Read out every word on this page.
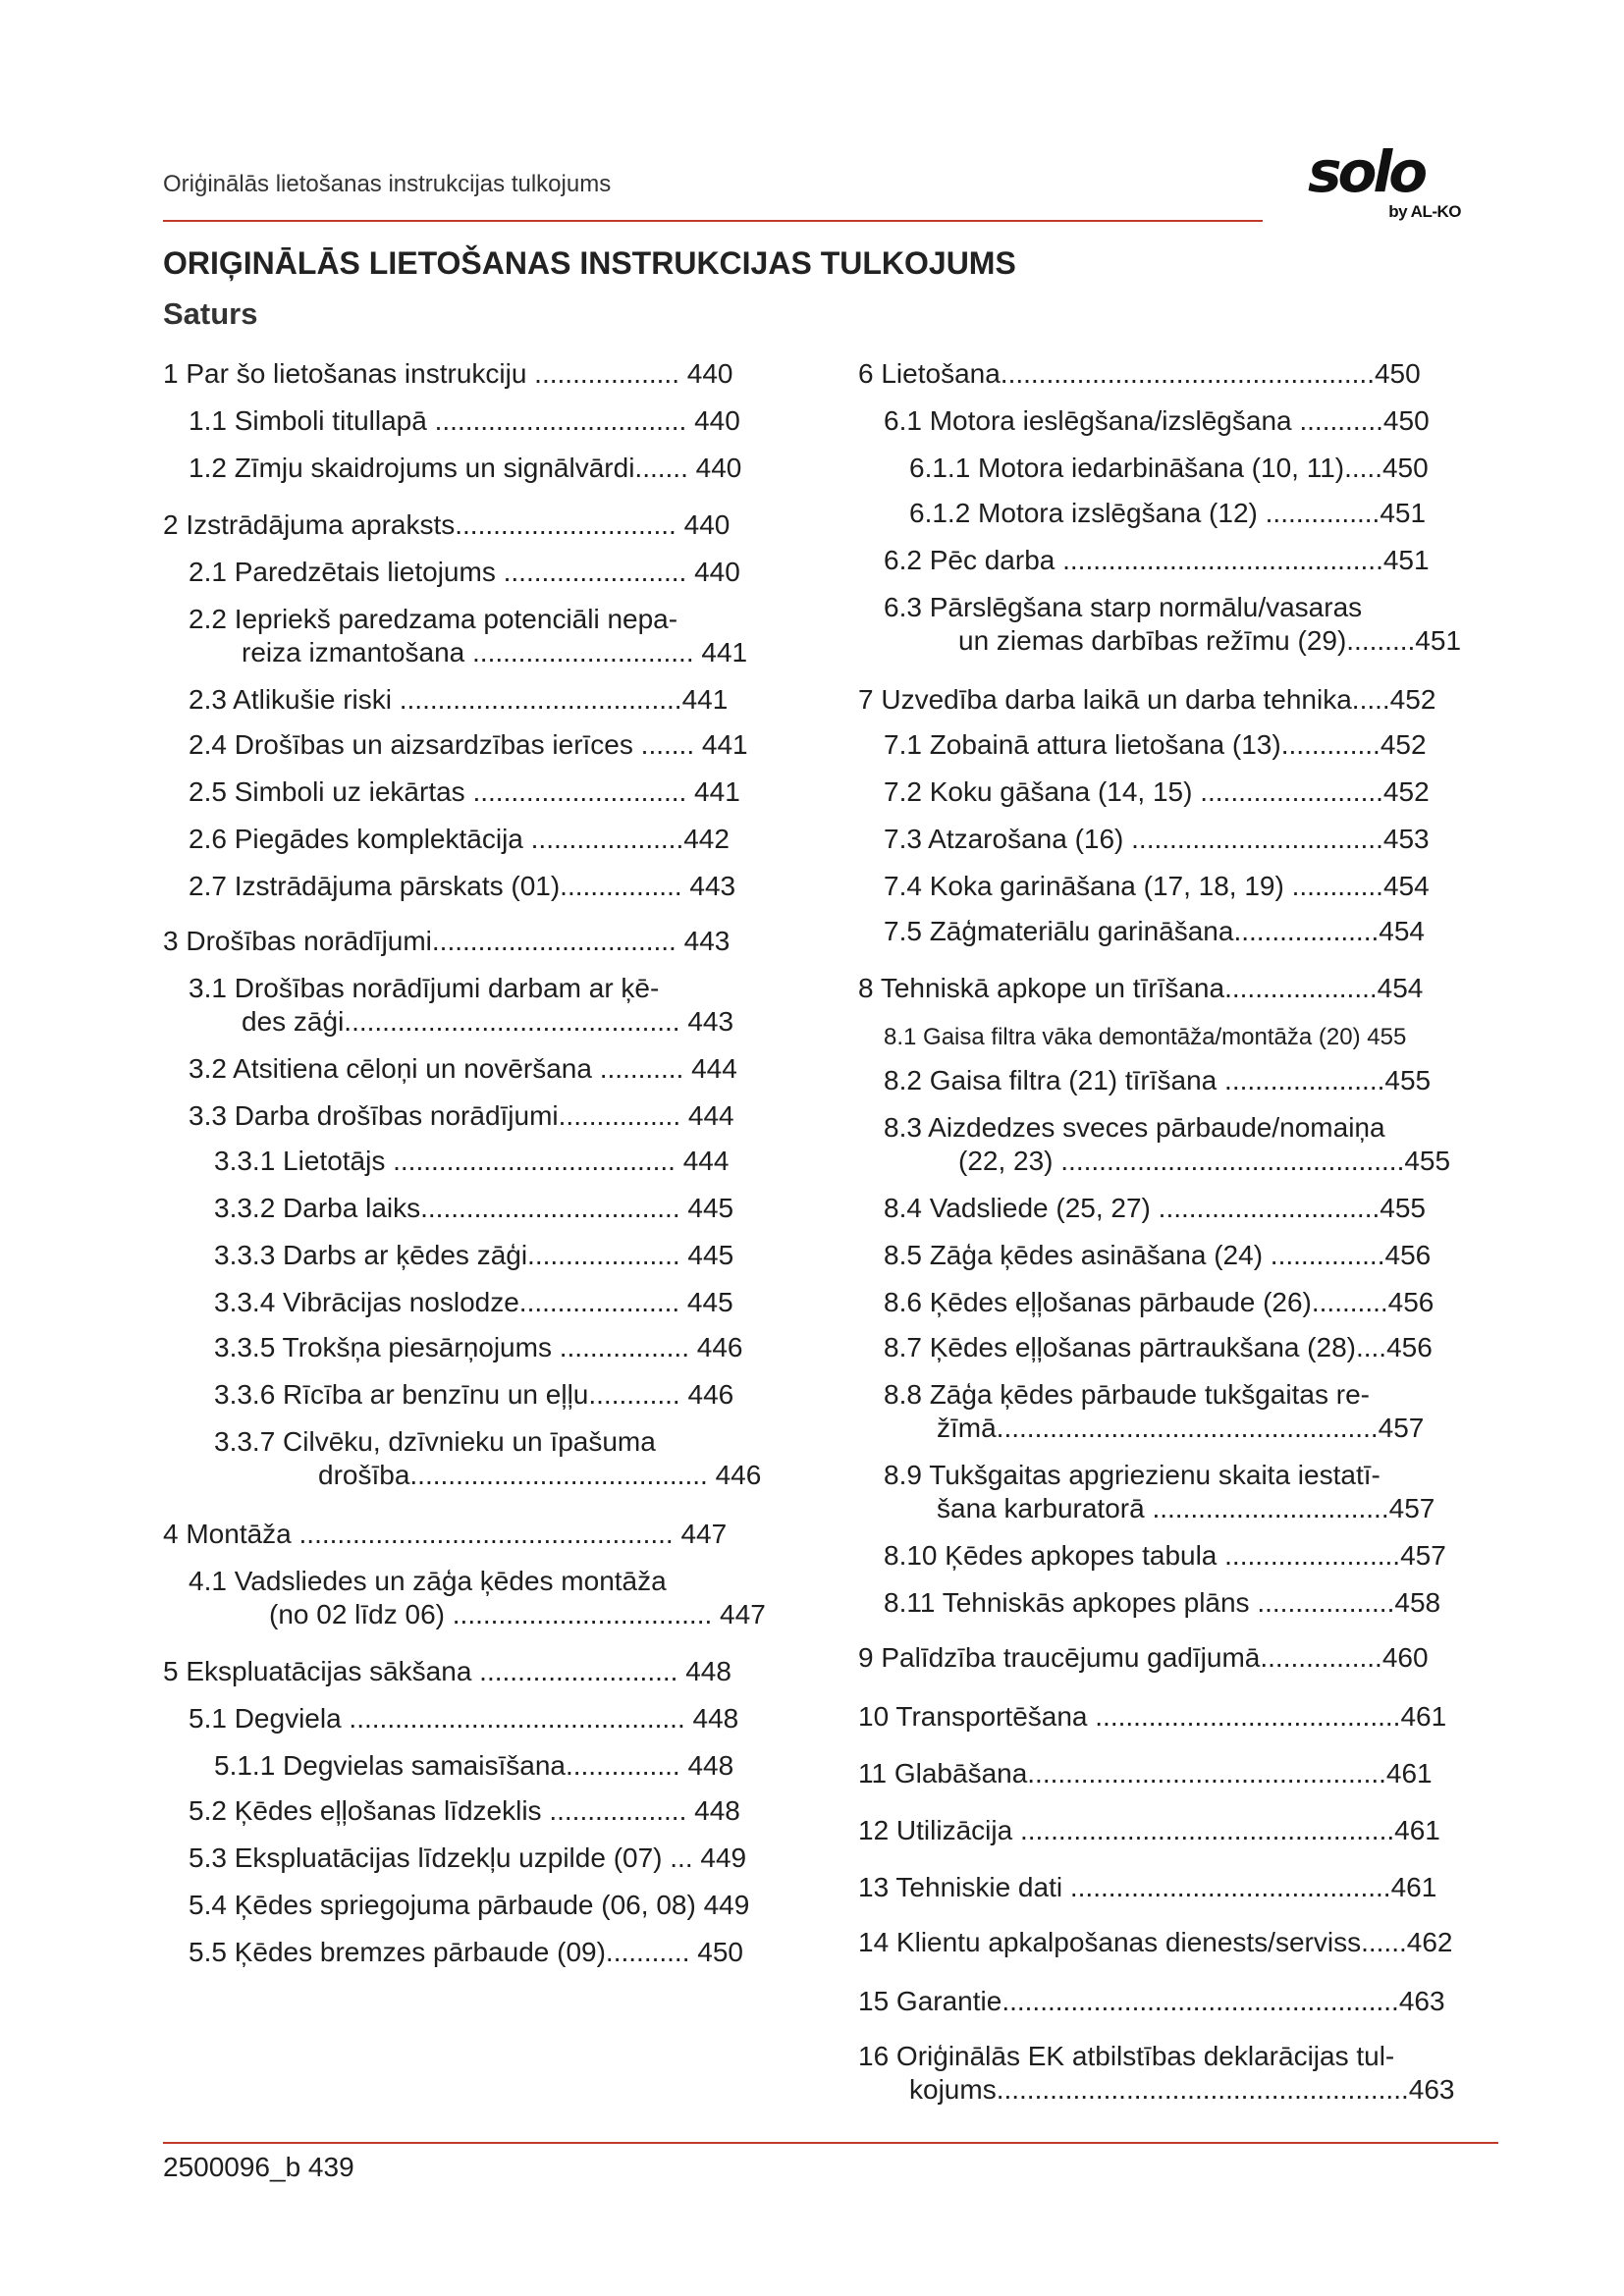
Oriģinālās lietošanas instrukcijas tulkojums	solo
by AL-KO
ORIĢINĀLĀS LIETOŠANAS INSTRUKCIJAS TULKOJUMS
Saturs
1 Par šo lietošanas instrukciju ................... 440
1.1 Simboli titullapā ................................. 440
1.2 Zīmju skaidrojums un signālvārdi....... 440
2 Izstrādājuma apraksts............................. 440
2.1 Paredzētais lietojums ........................ 440
2.2 Iepriekš paredzama potenciāli nepa-
reiza izmantošana ............................. 441
2.3 Atlikušie riski .....................................441
2.4 Drošības un aizsardzības ierīces ....... 441
2.5 Simboli uz iekārtas ............................ 441
2.6 Piegādes komplektācija ....................442
2.7 Izstrādājuma pārskats (01)................ 443
3 Drošības norādījumi................................ 443
3.1 Drošības norādījumi darbam ar ķē-
des zāģi............................................ 443
3.2 Atsitiena cēloņi un novēršana ........... 444
3.3 Darba drošības norādījumi................ 444
3.3.1 Lietotājs ..................................... 444
3.3.2 Darba laiks.................................. 445
3.3.3 Darbs ar ķēdes zāģi.................... 445
3.3.4 Vibrācijas noslodze..................... 445
3.3.5 Trokšņa piesārņojums ................. 446
3.3.6 Rīcība ar benzīnu un eļļu............ 446
3.3.7 Cilvēku, dzīvnieku un īpašuma
drošība....................................... 446
4 Montāža ................................................. 447
4.1 Vadsliedes un zāģa ķēdes montāža
(no 02 līdz 06) .................................. 447
5 Ekspluatācijas sākšana .......................... 448
5.1 Degviela ............................................ 448
5.1.1 Degvielas samaisīšana............... 448
5.2 Ķēdes eļļošanas līdzeklis .................. 448
5.3 Ekspluatācijas līdzekļu uzpilde (07) ... 449
5.4 Ķēdes spriegojuma pārbaude (06, 08) 449
5.5 Ķēdes bremzes pārbaude (09)........... 450
6 Lietošana.................................................450
6.1 Motora ieslēgšana/izslēgšana ...........450
6.1.1 Motora iedarbināšana (10, 11).....450
6.1.2 Motora izslēgšana (12) ...............451
6.2 Pēc darba ..........................................451
6.3 Pārslēgšana starp normālu/vasaras
un ziemas darbības režīmu (29).........451
7 Uzvedība darba laikā un darba tehnika.....452
7.1 Zobainā attura lietošana (13).............452
7.2 Koku gāšana (14, 15) ........................452
7.3 Atzarošana (16) .................................453
7.4 Koka garināšana (17, 18, 19) ............454
7.5 Zāģmateriālu garināšana...................454
8 Tehniskā apkope un tīrīšana....................454
8.1 Gaisa filtra vāka demontāža/montāža (20) 455
8.2 Gaisa filtra (21) tīrīšana .....................455
8.3 Aizdedzes sveces pārbaude/nomaiņa
(22, 23) .............................................455
8.4 Vadsliede (25, 27) .............................455
8.5 Zāģa ķēdes asināšana (24) ...............456
8.6 Ķēdes eļļošanas pārbaude (26)..........456
8.7 Ķēdes eļļošanas pārtraukšana (28)....456
8.8 Zāģa ķēdes pārbaude tukšgaitas re-
žīmā..................................................457
8.9 Tukšgaitas apgriezienu skaita iestatī-
šana karburatorā ...............................457
8.10 Ķēdes apkopes tabula .......................457
8.11 Tehniskās apkopes plāns ..................458
9 Palīdzība traucējumu gadījumā................460
10 Transportēšana ........................................461
11 Glabāšana...............................................461
12 Utilizācija .................................................461
13 Tehniskie dati ..........................................461
14 Klientu apkalpošanas dienests/serviss......462
15 Garantie....................................................463
16 Oriģinālās EK atbilstības deklarācijas tul-
kojums......................................................463
2500096_b 439
